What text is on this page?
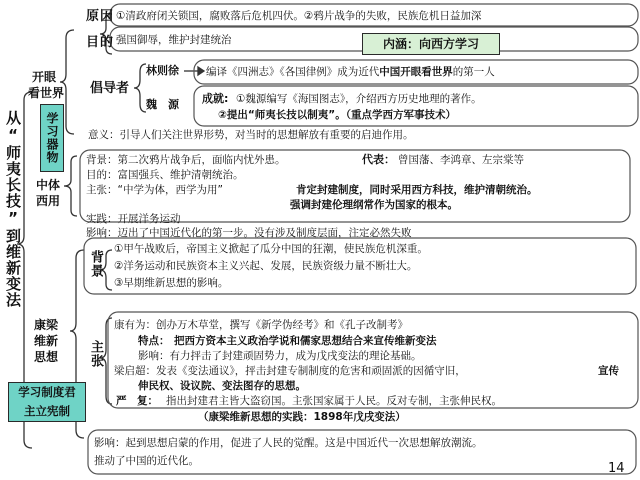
从“师夷长技”到维新变法
开眼
看世界
学习器物
原因
目的
①清政府闭关锁国，腐败落后危机四伏。②鸦片战争的失败，民族危机日益加深
强国御辱，维护封建统治	内涵：向西方学习
倡导者
林则徐
魏　源
编译《四洲志》《各国律例》成为近代中国开眼看世界的第一人
成就: ①魏源编写《海国图志》，介绍西方历史地理的著作。
②提出“师夷长技以制夷”。（重点学西方军事技术）
意义：引导人们关注世界形势，对当时的思想解放有重要的启迪作用。
中体
西用
背景：第二次鸦片战争后，面临内忧外患。	代表： 曾国藩、李鸿章、左宗棠等
目的：富国强兵、维护清朝统治。
主张：“中学为体，西学为用”	肯定封建制度，同时采用西方科技，维护清朝统治。
强调封建伦理纲常作为国家的根本。
实践：开展洋务运动
影响：迈出了中国近代化的第一步。没有涉及制度层面，注定必然失败
康梁
维新
思想
背景
①甲午战败后，帝国主义掀起了瓜分中国的狂潮，使民族危机深重。
②洋务运动和民族资本主义兴起、发展，民族资级力量不断壮大。
③早期维新思想的影响。
主张
康有为：创办万木草堂，撰写《新学伪经考》和《孔子改制考》
特点： 把西方资本主义政治学说和儒家思想结合来宣传维新变法
影响：有力抨击了封建顽固势力，成为戊戌变法的理论基础。
梁启超：发表《变法通议》，抨击封建专制制度的危害和顽固派的因循守旧，	宣传
伸民权、设议院、变法图存的思想。
严　复： 指出封建君主皆大盗窃国。主张国家属于人民。反对专制，主张伸民权。
（康梁维新思想的实践：1898年戊戌变法）
学习制度君主立宪制
影响：起到思想启蒙的作用，促进了人民的觉醒。这是中国近代一次思想解放潮流。
推动了中国的近代化。	14
